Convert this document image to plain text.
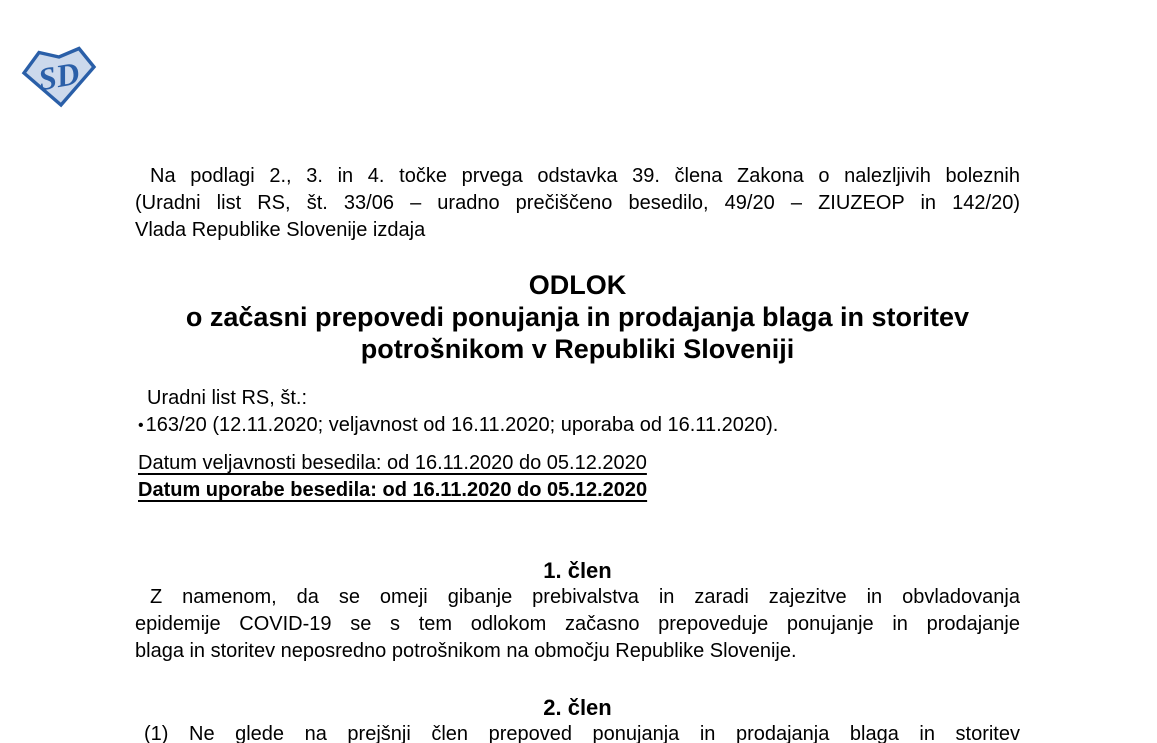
SD
Na podlagi 2., 3. in 4. točke prvega odstavka 39. člena Zakona o nalezljivih boleznih
(Uradni list RS, št. 33/06 – uradno prečiščeno besedilo, 49/20 – ZIUZEOP in 142/20)
Vlada Republike Slovenije izdaja
ODLOK
o začasni prepovedi ponujanja in prodajanja blaga in storitev
potrošnikom v Republiki Sloveniji
Uradni list RS, št.:
• 163/20 (12.11.2020; veljavnost od 16.11.2020; uporaba od 16.11.2020).
Datum veljavnosti besedila: od 16.11.2020 do 05.12.2020
Datum uporabe besedila: od 16.11.2020 do 05.12.2020
1. člen
Z namenom, da se omeji gibanje prebivalstva in zaradi zajezitve in obvladovanja
epidemije COVID-19 se s tem odlokom začasno prepoveduje ponujanje in prodajanje
blaga in storitev neposredno potrošnikom na območju Republike Slovenije.
2. člen
(1) Ne glede na prejšnji člen prepoved ponujanja in prodajanja blaga in storitev
